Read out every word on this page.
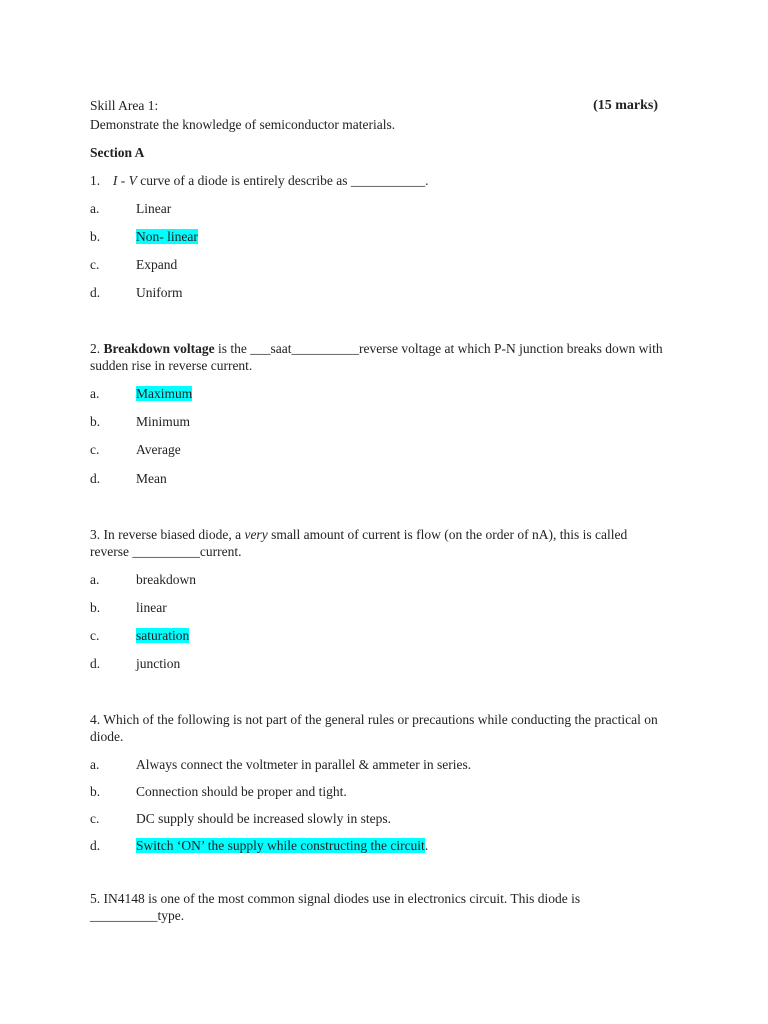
Skill Area 1:	(15 marks)
Demonstrate the knowledge of semiconductor materials.
Section A
1. I - V curve of a diode is entirely describe as ___________.
a.	Linear
b.	Non- linear
c.	Expand
d.	Uniform
2. Breakdown voltage is the ___saat__________reverse voltage at which P-N junction breaks down with
sudden rise in reverse current.
a.	Maximum
b.	Minimum
c.	Average
d.	Mean
3. In reverse biased diode, a very small amount of current is flow (on the order of nA), this is called
reverse __________current.
a.	breakdown
b.	linear
c.	saturation
d.	junction
4. Which of the following is not part of the general rules or precautions while conducting the practical on
diode.
a.	Always connect the voltmeter in parallel & ammeter in series.
b.	Connection should be proper and tight.
c.	DC supply should be increased slowly in steps.
d.	Switch ‘ON’ the supply while constructing the circuit.
5. IN4148 is one of the most common signal diodes use in electronics circuit. This diode is
__________type.
